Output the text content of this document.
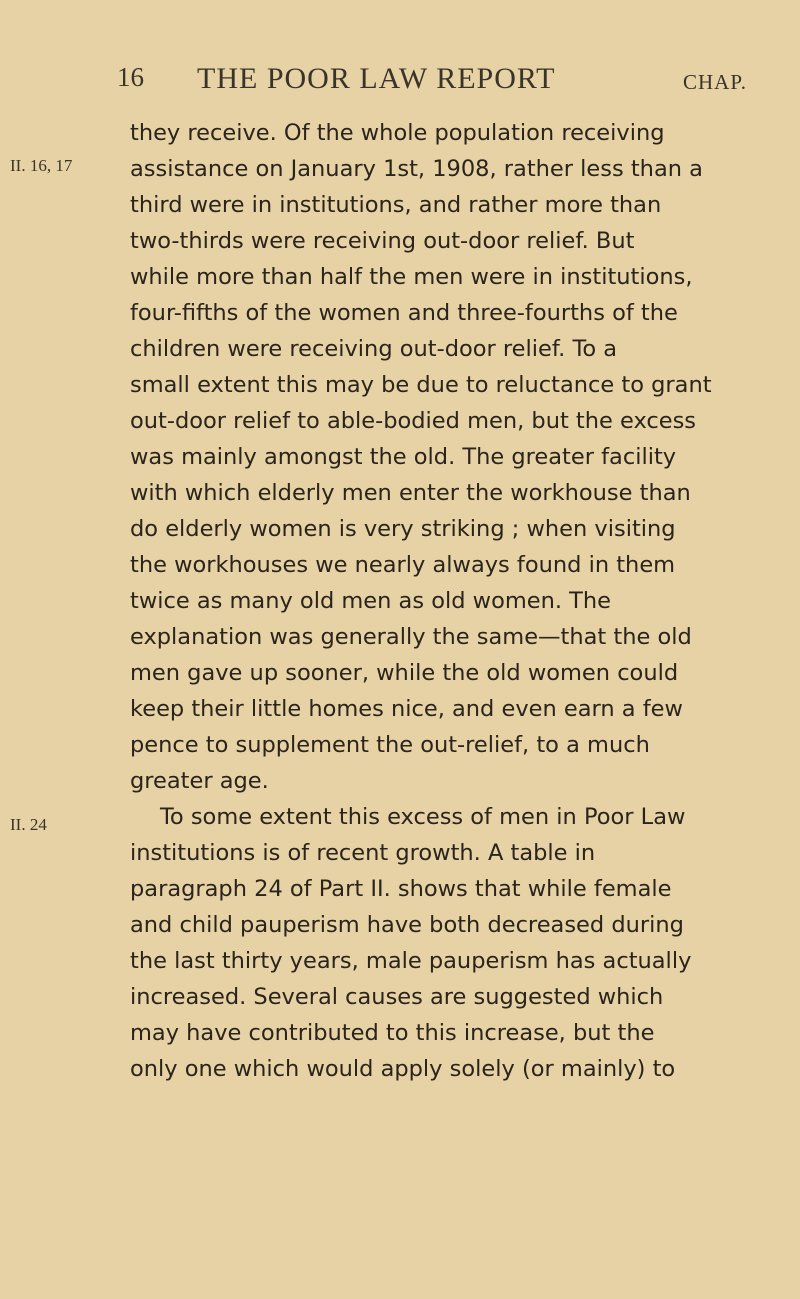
16 THE POOR LAW REPORT	CHAP.
II. 16, 17
II. 24
they receive. Of the whole population receiving
assistance on January 1st, 1908, rather less than a
third were in institutions, and rather more than
two-thirds were receiving out-door relief. But
while more than half the men were in institutions,
four-fifths of the women and three-fourths of the
children were receiving out-door relief. To a
small extent this may be due to reluctance to grant
out-door relief to able-bodied men, but the excess
was mainly amongst the old. The greater facility
with which elderly men enter the workhouse than
do elderly women is very striking ; when visiting
the workhouses we nearly always found in them
twice as many old men as old women. The
explanation was generally the same—that the old
men gave up sooner, while the old women could
keep their little homes nice, and even earn a few
pence to supplement the out-relief, to a much
greater age.
To some extent this excess of men in Poor Law
institutions is of recent growth. A table in
paragraph 24 of Part II. shows that while female
and child pauperism have both decreased during
the last thirty years, male pauperism has actually
increased. Several causes are suggested which
may have contributed to this increase, but the
only one which would apply solely (or mainly) to
